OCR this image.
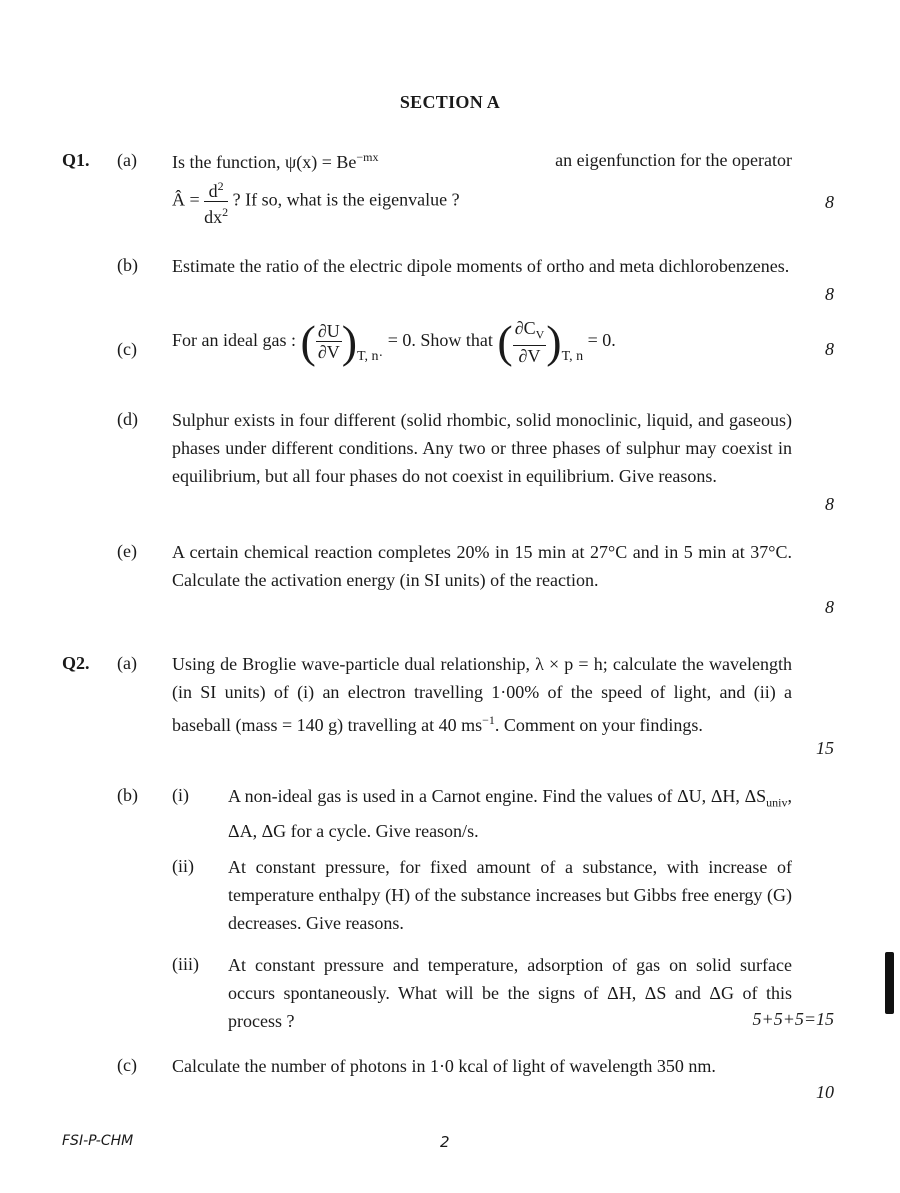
SECTION A
Q1. (a) Is the function, $\psi(x) = Be^{-mx}$	an eigenfunction for the operator
Â = $\frac{d^2}{dx^2}$ ? If so, what is the eigenvalue ?	8
(b) Estimate the ratio of the electric dipole moments of ortho and meta dichlorobenzenes.
8
(c) For an ideal gas : ( $\frac{\partial U}{\partial V} )_{T, n\cdot} = 0$. Show that ( $\frac{\partial C_V}{\partial V} )_{T, n} = 0$.	8
(d) Sulphur exists in four different (solid rhombic, solid monoclinic, liquid, and gaseous) phases under different conditions. Any two or three phases of sulphur may coexist in equilibrium, but all four phases do not coexist in equilibrium. Give reasons.
8
(e) A certain chemical reaction completes 20% in 15 min at 27°C and in 5 min at 37°C. Calculate the activation energy (in SI units) of the reaction.
8
Q2. (a) Using de Broglie wave-particle dual relationship, λ × p = h; calculate the wavelength (in SI units) of (i) an electron travelling 1·00% of the speed of light, and (ii) a baseball (mass = 140 g) travelling at 40 $ms^{-1}$. Comment on your findings.
15
(b) (i) A non-ideal gas is used in a Carnot engine. Find the values of ΔU, ΔH, $\Delta S_{univ}$, ΔA, ΔG for a cycle. Give reason/s.
(ii) At constant pressure, for fixed amount of a substance, with increase of temperature enthalpy (H) of the substance increases but Gibbs free energy (G) decreases. Give reasons.
(iii) At constant pressure and temperature, adsorption of gas on solid surface occurs spontaneously. What will be the signs of ΔH, ΔS and ΔG of this process ?	5+5+5=15
(c) Calculate the number of photons in 1·0 kcal of light of wavelength 350 nm.
10
FSI-P-CHM	2
